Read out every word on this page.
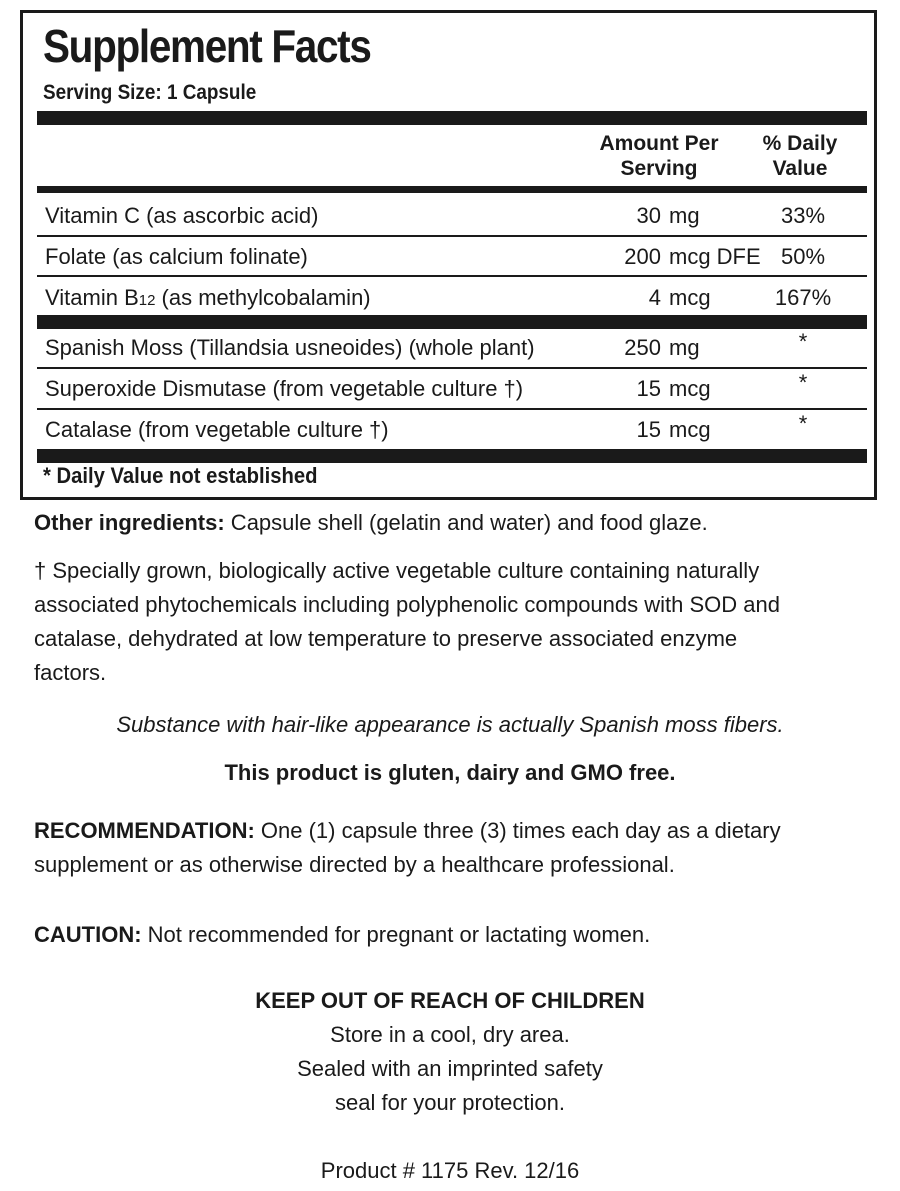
Supplement Facts
Serving Size: 1 Capsule
Amount Per
Serving
% Daily
Value
Vitamin C (as ascorbic acid)	30 mg	33%
Folate (as calcium folinate)	200 mcg DFE 50%
Vitamin B12 (as methylcobalamin)	4 mcg	167%
Spanish Moss (Tillandsia usneoides) (whole plant)	250 mg	*
Superoxide Dismutase (from vegetable culture †)	15 mcg	*
Catalase (from vegetable culture †)	15 mcg	*
* Daily Value not established
Other ingredients: Capsule shell (gelatin and water) and food glaze.
† Specially grown, biologically active vegetable culture containing naturally
associated phytochemicals including polyphenolic compounds with SOD and
catalase, dehydrated at low temperature to preserve associated enzyme
factors.
Substance with hair-like appearance is actually Spanish moss fibers.
This product is gluten, dairy and GMO free.
RECOMMENDATION: One (1) capsule three (3) times each day as a dietary
supplement or as otherwise directed by a healthcare professional.
CAUTION: Not recommended for pregnant or lactating women.
KEEP OUT OF REACH OF CHILDREN
Store in a cool, dry area.
Sealed with an imprinted safety
seal for your protection.
Product # 1175 Rev. 12/16
